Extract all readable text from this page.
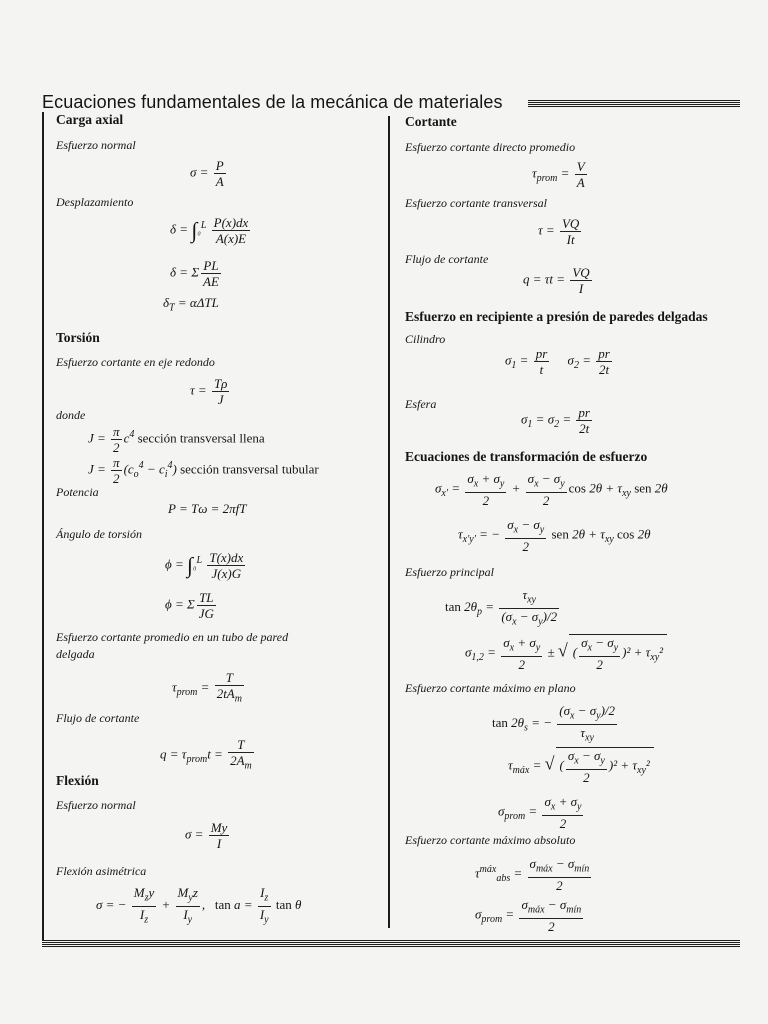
Ecuaciones fundamentales de la mecánica de materiales
Carga axial
Esfuerzo normal
$\sigma = \frac{P}{A}$
Desplazamiento
$\delta = \int_0^L \frac{P(x)dx}{A(x)E}$
δ = Σ $\frac{PL}{AE}$
$\delta_T = \alpha\Delta TL$
Torsión
Esfuerzo cortante en eje redondo
$\tau = \frac{T\rho}{J}$
donde
$J = \frac{\pi}{2} c^4$ sección transversal llena
$J = \frac{\pi}{2} (c_o^4 - c_i^4)$ sección transversal tubular
Potencia
P = Tω = 2πfT
Ángulo de torsión
$\phi = \int_0^L \frac{T(x)dx}{J(x)G}$
ϕ = Σ $\frac{TL}{JG}$
Esfuerzo cortante promedio en un tubo de pared
delgada
$\tau_{prom} = \frac{T}{2tA_m}$
Flujo de cortante
$q = \tau_{prom}t = \frac{T}{2A_m}$
Flexión
Esfuerzo normal
$\sigma = \frac{My}{I}$
Flexión asimétrica
σ = − $\frac{M_zy}{I_z} + \frac{M_yz}{I_y}$ ,   $\tan a = \frac{I_z}{I_y}$ tan θ
Cortante
Esfuerzo cortante directo promedio
$\tau_{prom} = \frac{V}{A}$
Esfuerzo cortante transversal
$\tau = \frac{VQ}{It}$
Flujo de cortante
$q = \tau t = \frac{VQ}{I}$
Esfuerzo en recipiente a presión de paredes delgadas
Cilindro
$\sigma_1 = \frac{pr}{t} \sigma_2 = \frac{pr}{2t}$
Esfera
$\sigma_1 = \sigma_2 = \frac{pr}{2t}$
Ecuaciones de transformación de esfuerzo
$\sigma_{x'} = \frac{\sigma_x + \sigma_y}{2} + \frac{\sigma_x - \sigma_y}{2}$ $\cos 2\theta + \tau_{xy}$ sen 2θ
$\tau_{x'y'}$ = − $\frac{\sigma_x - \sigma_y}{2}$ sen $2\theta + \tau_{xy}$ cos 2θ
Esfuerzo principal
$\tan 2\theta_p = \frac{\tau_{xy}}{(\sigma_x - \sigma_y)/2}$
$\sigma_{1,2} = \frac{\sigma_x + \sigma_y}{2}$ ± √ ( $\frac{\sigma_x - \sigma_y}{2} )^2 + \tau_{xy}^2$
Esfuerzo cortante máximo en plano
$\tan 2\theta_s$ = − $\frac{(\sigma_x - \sigma_y)/2}{\tau_{xy}}$
$\tau_{máx}$ = √ ( $\frac{\sigma_x - \sigma_y}{2} )^2 + \tau_{xy}^2$
$\sigma_{prom} = \frac{\sigma_x + \sigma_y}{2}$
Esfuerzo cortante máximo absoluto
$\tau^{máx}_{abs} = \frac{\sigma_{máx} - \sigma_{mín}}{2}$
$\sigma_{prom} = \frac{\sigma_{máx} - \sigma_{mín}}{2}$
